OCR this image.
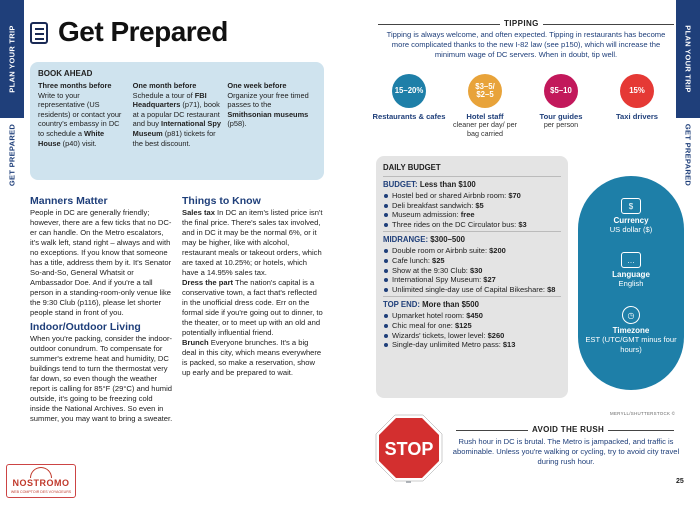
PLAN YOUR TRIP
GET PREPARED
PLAN YOUR TRIP
GET PREPARED
Get Prepared
BOOK AHEAD
Three months before
Write to your representative (US residents) or contact your country's embassy in DC to schedule a White House (p40) visit.
One month before
Schedule a tour of FBI Headquarters (p71), book at a popular DC restaurant and buy International Spy Museum (p81) tickets for the best discount.
One week before
Organize your free timed passes to the Smithsonian museums (p58).
Manners Matter

People in DC are generally friendly; however, there are a few ticks that no DC-er can handle. On the Metro escalators, it's walk left, stand right – always and with no exceptions. If you know that someone has a title, address them by it. It's Senator So-and-So, General Whatsit or Ambassador Doe. And if you're a tall person in a standing-room-only venue like the 9:30 Club (p116), please let shorter people stand in front of you.

Indoor/Outdoor Living

When you're packing, consider the indoor-outdoor conundrum. To compensate for summer's extreme heat and humidity, DC buildings tend to turn the thermostat very far down, so even though the weather report is calling for 85°F (29°C) and humid outside, it's going to be freezing cold inside the National Archives. So even in summer, you may want to bring a sweater.

Things to Know

Sales tax In DC an item's listed price isn't the final price. There's sales tax involved, and in DC it may be the normal 6%, or it may be higher, like with alcohol, restaurant meals or takeout orders, which are taxed at 10.25%; or hotels, which have a 14.95% sales tax.

Dress the part The nation's capital is a conservative town, a fact that's reflected in the unofficial dress code. Err on the formal side if you're going out to dinner, to the theater, or to meet up with an old and potentially influential friend.

Brunch Everyone brunches. It's a big deal in this city, which means everywhere is packed, so make a reservation, show up early and be prepared to wait.

NOSTROMO
WEB COMPTOIR DES VOYAGEURS
TIPPING
Tipping is always welcome, and often expected. Tipping in restaurants has become more complicated thanks to the new I-82 law (see p150), which will increase the minimum wage of DC servers. When in doubt, tip well.
15–20%
Restaurants & cafes
$3–5/ $2–5
Hotel staff
cleaner per day/ per bag carried
$5–10
Tour guides
per person
15%
Taxi drivers
DAILY BUDGET
BUDGET: Less than $100
Hostel bed or shared Airbnb room: $70
Deli breakfast sandwich: $5
Museum admission: free
Three rides on the DC Circulator bus: $3
MIDRANGE: $300–500
Double room or Airbnb suite: $200
Cafe lunch: $25
Show at the 9:30 Club: $30
International Spy Museum: $27
Unlimited single-day use of Capital Bikeshare: $8
TOP END: More than $500
Upmarket hotel room: $450
Chic meal for one: $125
Wizards' tickets, lower level: $260
Single-day unlimited Metro pass: $13
$
Currency
US dollar ($)
…
Language
English
◷
Timezone
EST (UTC/GMT minus four hours)
MERYLL/SHUTTERSTOCK ©
STOP
AVOID THE RUSH
Rush hour in DC is brutal. The Metro is jampacked, and traffic is abominable. Unless you're walking or cycling, try to avoid city travel during rush hour.
25
